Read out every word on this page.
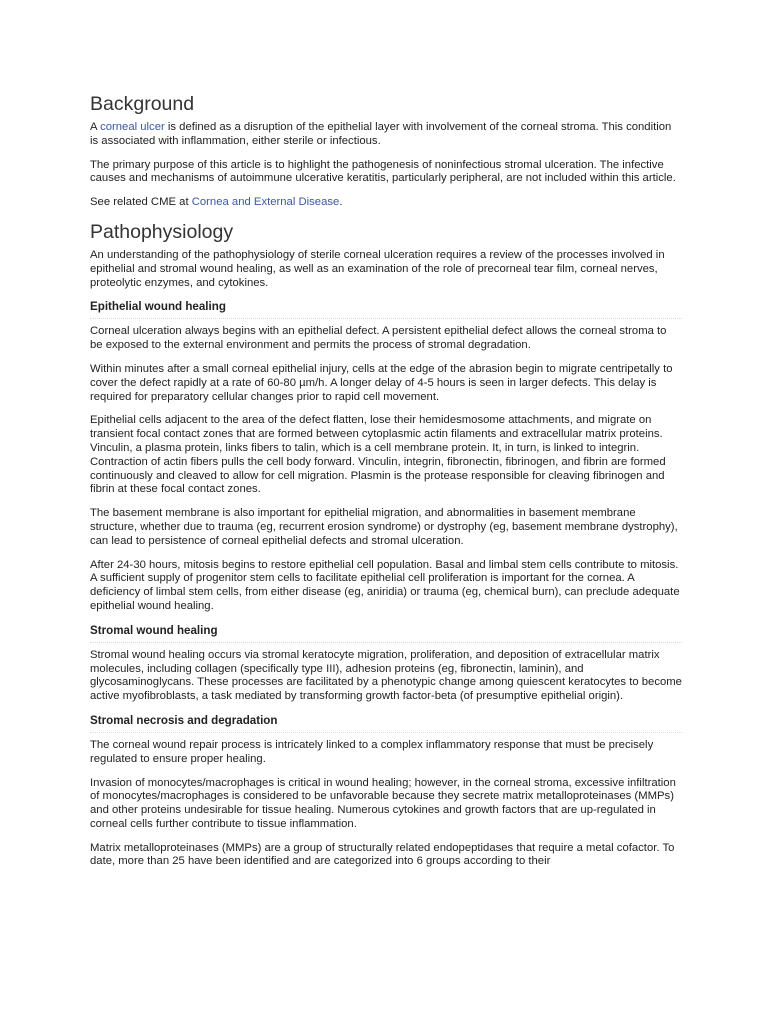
Background

A corneal ulcer is defined as a disruption of the epithelial layer with involvement of the corneal stroma. This condition is associated with inflammation, either sterile or infectious.

The primary purpose of this article is to highlight the pathogenesis of noninfectious stromal ulceration. The infective causes and mechanisms of autoimmune ulcerative keratitis, particularly peripheral, are not included within this article.

See related CME at Cornea and External Disease.

Pathophysiology

An understanding of the pathophysiology of sterile corneal ulceration requires a review of the processes involved in epithelial and stromal wound healing, as well as an examination of the role of precorneal tear film, corneal nerves, proteolytic enzymes, and cytokines.

Epithelial wound healing

Corneal ulceration always begins with an epithelial defect. A persistent epithelial defect allows the corneal stroma to be exposed to the external environment and permits the process of stromal degradation.

Within minutes after a small corneal epithelial injury, cells at the edge of the abrasion begin to migrate centripetally to cover the defect rapidly at a rate of 60-80 µm/h. A longer delay of 4-5 hours is seen in larger defects. This delay is required for preparatory cellular changes prior to rapid cell movement.

Epithelial cells adjacent to the area of the defect flatten, lose their hemidesmosome attachments, and migrate on transient focal contact zones that are formed between cytoplasmic actin filaments and extracellular matrix proteins. Vinculin, a plasma protein, links fibers to talin, which is a cell membrane protein. It, in turn, is linked to integrin. Contraction of actin fibers pulls the cell body forward. Vinculin, integrin, fibronectin, fibrinogen, and fibrin are formed continuously and cleaved to allow for cell migration. Plasmin is the protease responsible for cleaving fibrinogen and fibrin at these focal contact zones.

The basement membrane is also important for epithelial migration, and abnormalities in basement membrane structure, whether due to trauma (eg, recurrent erosion syndrome) or dystrophy (eg, basement membrane dystrophy), can lead to persistence of corneal epithelial defects and stromal ulceration.

After 24-30 hours, mitosis begins to restore epithelial cell population. Basal and limbal stem cells contribute to mitosis. A sufficient supply of progenitor stem cells to facilitate epithelial cell proliferation is important for the cornea. A deficiency of limbal stem cells, from either disease (eg, aniridia) or trauma (eg, chemical burn), can preclude adequate epithelial wound healing.

Stromal wound healing

Stromal wound healing occurs via stromal keratocyte migration, proliferation, and deposition of extracellular matrix molecules, including collagen (specifically type III), adhesion proteins (eg, fibronectin, laminin), and glycosaminoglycans. These processes are facilitated by a phenotypic change among quiescent keratocytes to become active myofibroblasts, a task mediated by transforming growth factor-beta (of presumptive epithelial origin).

Stromal necrosis and degradation

The corneal wound repair process is intricately linked to a complex inflammatory response that must be precisely regulated to ensure proper healing.

Invasion of monocytes/macrophages is critical in wound healing; however, in the corneal stroma, excessive infiltration of monocytes/macrophages is considered to be unfavorable because they secrete matrix metalloproteinases (MMPs) and other proteins undesirable for tissue healing. Numerous cytokines and growth factors that are up-regulated in corneal cells further contribute to tissue inflammation.

Matrix metalloproteinases (MMPs) are a group of structurally related endopeptidases that require a metal cofactor. To date, more than 25 have been identified and are categorized into 6 groups according to their
